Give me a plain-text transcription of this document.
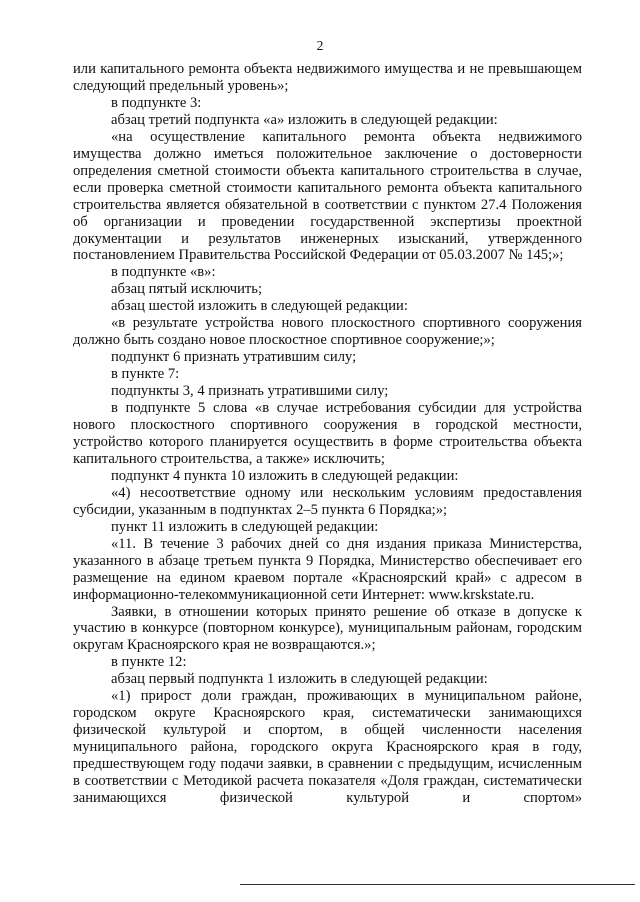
2

или капитального ремонта объекта недвижимого имущества и не превышающем следующий предельный уровень»;

в подпункте 3:

абзац третий подпункта «а» изложить в следующей редакции:

«на осуществление капитального ремонта объекта недвижимого имущества должно иметься положительное заключение о достоверности определения сметной стоимости объекта капитального строительства в случае, если проверка сметной стоимости капитального ремонта объекта капитального строительства является обязательной в соответствии с пунктом 27.4 Положения об организации и проведении государственной экспертизы проектной документации и результатов инженерных изысканий, утвержденного постановлением Правительства Российской Федерации от 05.03.2007 № 145;»;

в подпункте «в»:

абзац пятый исключить;

абзац шестой изложить в следующей редакции:

«в результате устройства нового плоскостного спортивного сооружения должно быть создано новое плоскостное спортивное сооружение;»;

подпункт 6 признать утратившим силу;

в пункте 7:

подпункты 3, 4 признать утратившими силу;

в подпункте 5 слова «в случае истребования субсидии для устройства нового плоскостного спортивного сооружения в городской местности, устройство которого планируется осуществить в форме строительства объекта капитального строительства, а также» исключить;

подпункт 4 пункта 10 изложить в следующей редакции:

«4) несоответствие одному или нескольким условиям предоставления субсидии, указанным в подпунктах 2–5 пункта 6 Порядка;»;

пункт 11 изложить в следующей редакции:

«11. В течение 3 рабочих дней со дня издания приказа Министерства, указанного в абзаце третьем пункта 9 Порядка, Министерство обеспечивает его размещение на едином краевом портале «Красноярский край» с адресом в информационно-телекоммуникационной сети Интернет: www.krskstate.ru.

Заявки, в отношении которых принято решение об отказе в допуске к участию в конкурсе (повторном конкурсе), муниципальным районам, городским округам Красноярского края не возвращаются.»;

в пункте 12:

абзац первый подпункта 1 изложить в следующей редакции:

«1) прирост доли граждан, проживающих в муниципальном районе, городском округе Красноярского края, систематически занимающихся физической культурой и спортом, в общей численности населения муниципального района, городского округа Красноярского края в году, предшествующем году подачи заявки, в сравнении с предыдущим, исчисленным в соответствии с Методикой расчета показателя «Доля граждан, систематически занимающихся физической культурой и спортом»
